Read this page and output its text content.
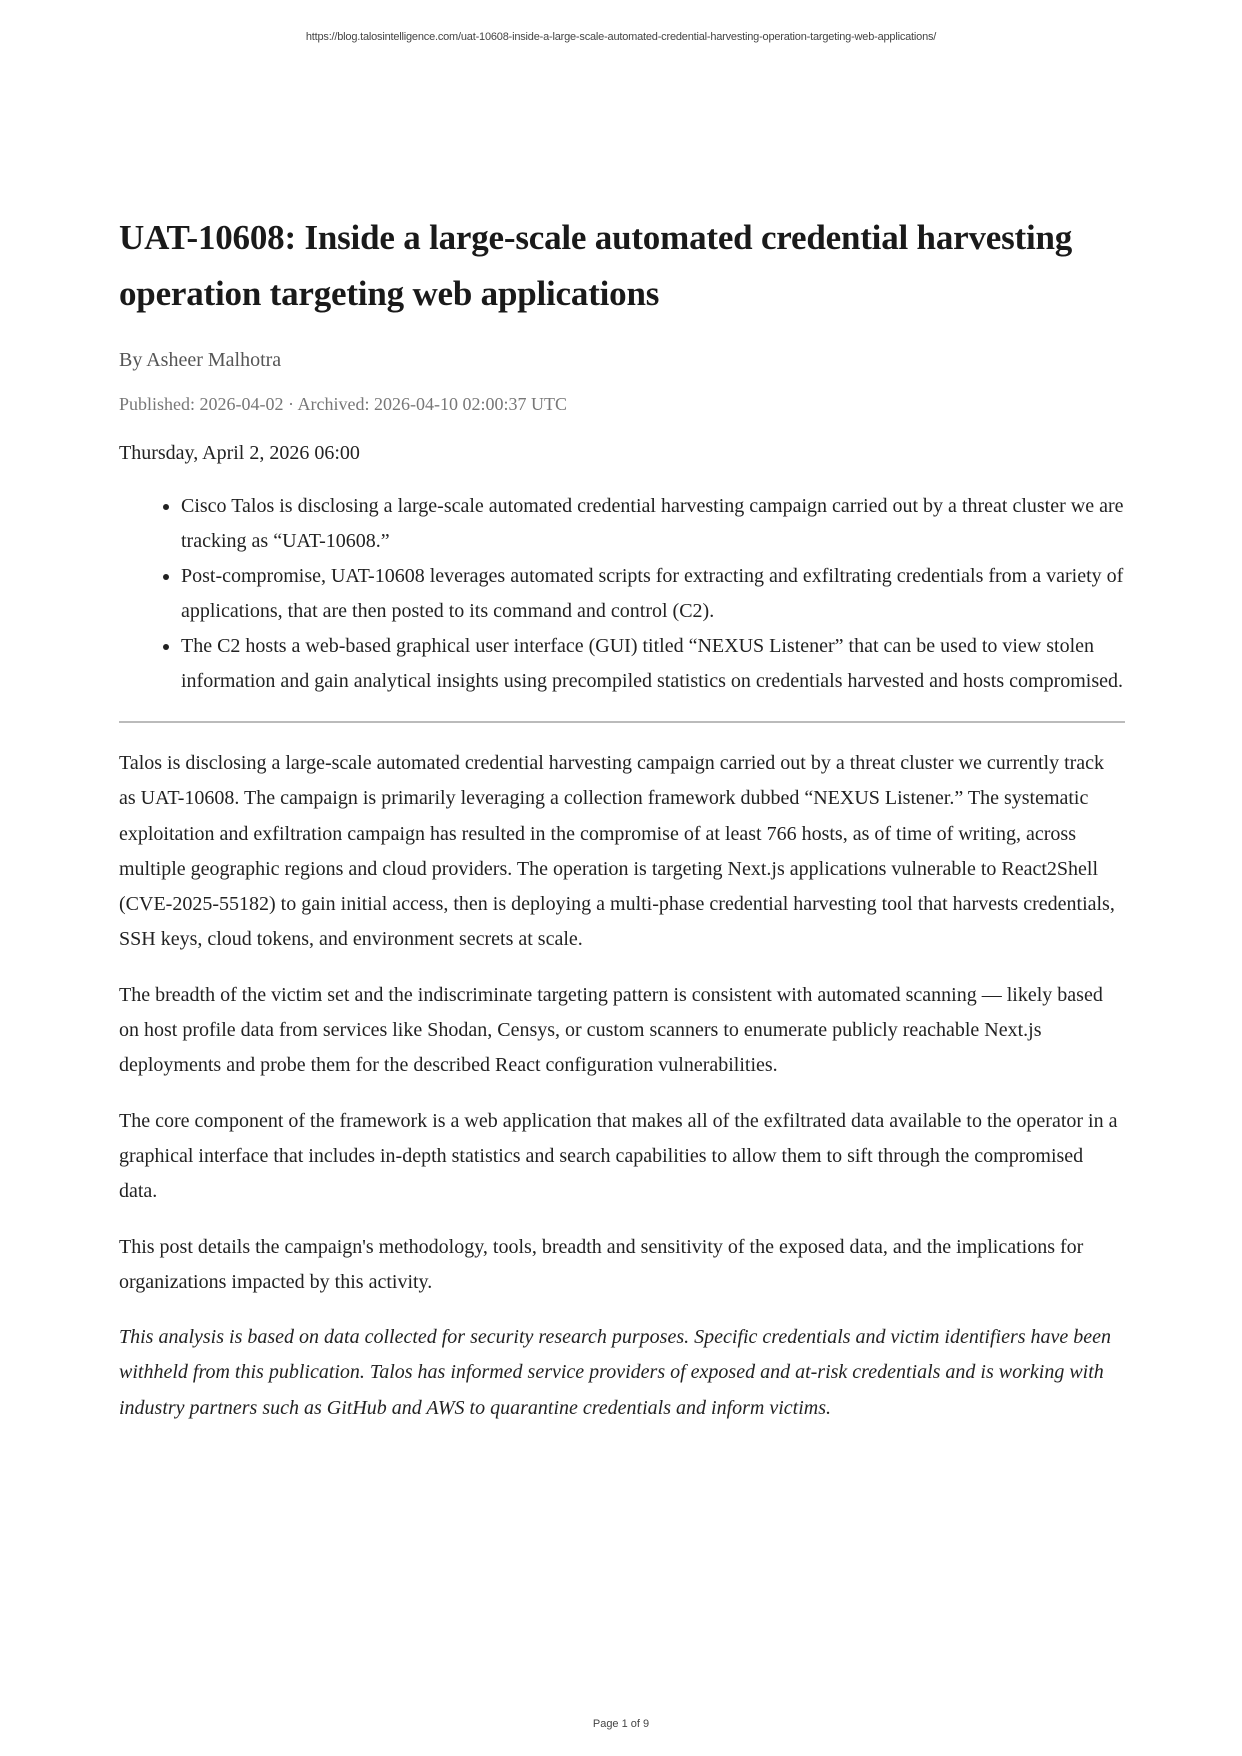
https://blog.talosintelligence.com/uat-10608-inside-a-large-scale-automated-credential-harvesting-operation-targeting-web-applications/
UAT-10608: Inside a large-scale automated credential harvesting operation targeting web applications
By Asheer Malhotra
Published: 2026-04-02 · Archived: 2026-04-10 02:00:37 UTC
Thursday, April 2, 2026 06:00
• Cisco Talos is disclosing a large-scale automated credential harvesting campaign carried out by a threat cluster we are tracking as “UAT-10608.”
• Post-compromise, UAT-10608 leverages automated scripts for extracting and exfiltrating credentials from a variety of applications, that are then posted to its command and control (C2).
• The C2 hosts a web-based graphical user interface (GUI) titled “NEXUS Listener” that can be used to view stolen information and gain analytical insights using precompiled statistics on credentials harvested and hosts compromised.

Talos is disclosing a large-scale automated credential harvesting campaign carried out by a threat cluster we currently track as UAT-10608. The campaign is primarily leveraging a collection framework dubbed “NEXUS Listener.” The systematic exploitation and exfiltration campaign has resulted in the compromise of at least 766 hosts, as of time of writing, across multiple geographic regions and cloud providers. The operation is targeting Next.js applications vulnerable to React2Shell (CVE-2025-55182) to gain initial access, then is deploying a multi-phase credential harvesting tool that harvests credentials, SSH keys, cloud tokens, and environment secrets at scale.

The breadth of the victim set and the indiscriminate targeting pattern is consistent with automated scanning — likely based on host profile data from services like Shodan, Censys, or custom scanners to enumerate publicly reachable Next.js deployments and probe them for the described React configuration vulnerabilities.

The core component of the framework is a web application that makes all of the exfiltrated data available to the operator in a graphical interface that includes in-depth statistics and search capabilities to allow them to sift through the compromised data.

This post details the campaign's methodology, tools, breadth and sensitivity of the exposed data, and the implications for organizations impacted by this activity.

This analysis is based on data collected for security research purposes. Specific credentials and victim identifiers have been withheld from this publication. Talos has informed service providers of exposed and at-risk credentials and is working with industry partners such as GitHub and AWS to quarantine credentials and inform victims.

Page 1 of 9
